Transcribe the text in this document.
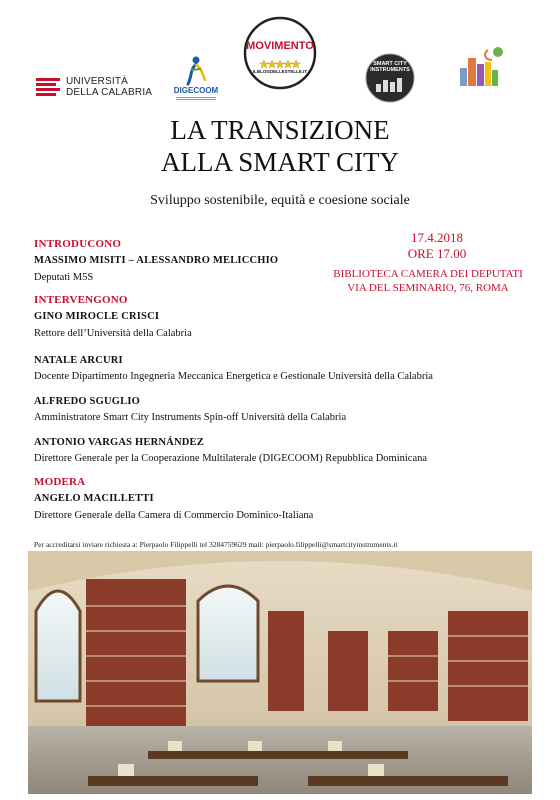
UNIVERSITÀ
DELLA CALABRIA	DIGECOOM
MOVIMENTO
ILBLOGDELLESTELLE.IT
SMART CITY INSTRUMENTS

LA TRANSIZIONE
ALLA SMART CITY
Sviluppo sostenibile, equità e coesione sociale
17.4.2018
ORE 17.00
BIBLIOTECA CAMERA DEI DEPUTATI
VIA DEL SEMINARIO, 76, ROMA
INTRODUCONO
MASSIMO MISITI – ALESSANDRO MELICCHIO
Deputati M5S
INTERVENGONO
GINO MIROCLE CRISCI
Rettore dell’Università della Calabria
NATALE ARCURI
Docente Dipartimento Ingegneria Meccanica Energetica e Gestionale Università della Calabria
ALFREDO SGUGLIO
Amministratore Smart City Instruments Spin-off Università della Calabria
ANTONIO VARGAS HERNÁNDEZ
Direttore Generale per la Cooperazione Multilaterale (DIGECOOM) Repubblica Dominicana
MODERA
ANGELO MACILLETTI
Direttore Generale della Camera di Commercio Dominico-Italiana
Per accreditarsi inviare richiesta a: Pierpaolo Filippelli tel 3284759629 mail: pierpaolo.filippelli@smartcityinstruments.it
